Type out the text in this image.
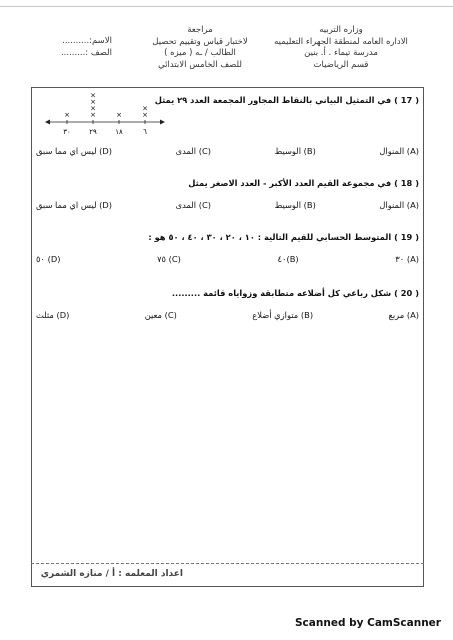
وزاره التربيه
الاداره العامه لمنطقة الجهراء التعليميه
مدرسة تيماء . أ. بنين
قسم الرياضيات
مراجعة
لاختبار قياس وتقييم تحصيل
الطالب / ـه ( ميزه )
للصف الخامس الابتدائي
الاسم:..........
الصف :.........
( 17 ) في التمثيل البياني بالنقاط المجاور المجمعة العدد ٢٩ يمثل
×	×
×
×
×
×	×
×
٣٠	٢٩	١٨	٦
(A) المنوال
(B) الوسيط
(C) المدى
(D) ليس اي مما سبق
( 18 ) في مجموعة القيم العدد الأكبر - العدد الاصغر يمثل
(A) المنوال
(B) الوسيط
(C) المدى
(D) ليس اي مما سبق
( 19 ) المتوسط الحسابي للقيم التالية : ١٠ ، ٢٠ ، ٣٠ ، ٤٠ ، ٥٠ هو :
(A) ٣٠
(B)٤٠
(C) ٧٥
(D) ٥٠
( 20 ) شكل رباعي كل أضلاعه متطابقة وزواياه قائمة .........
(A) مربع
(B) متوازي أضلاع
(C) معين
(D) مثلث
اعداد المعلمه : أ / منازه الشمري
Scanned by CamScanner
